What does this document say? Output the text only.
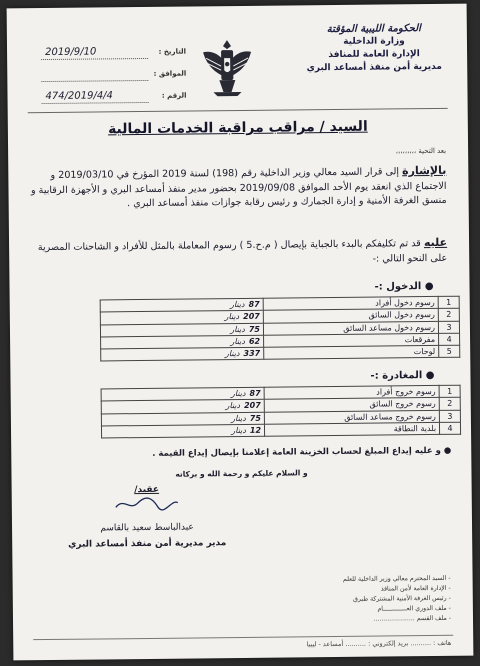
الحكومة الليبية المؤقتة
وزارة الداخلية
الإدارة العامة للمنافذ
مديرية أمن منفذ أمساعد البري
التاريخ :
2019/9/10
الموافق :
الرقم :
474/2019/4/4
السيد / مراقب مراقبة الخدمات المالية
بعد التحية ،،،،،،،،،
بالإشارة إلى قرار السيد معالي وزير الداخلية رقم (198) لسنة 2019 المؤرخ في 2019/03/10 و الاجتماع الذي انعقد يوم الأحد الموافق 2019/09/08 بحضور مدير منفذ أمساعد البري و الأجهزة الرقابية و منسق الغرفة الأمنية و إدارة الجمارك و رئيس رقابة جوازات منفذ أمساعد البري .
عليه قد تم تكليفكم بالبدء بالجباية بإيصال ( م.ح.5 ) رسوم المعاملة بالمثل للأفراد و الشاحنات المصرية على النحو التالي :-
● الدخول :-
1	رسوم دخول أفراد	87دينار
2	رسوم دخول السائق	207دينار
3	رسوم دخول مساعد السائق	75دينار
4	مفرقعات	62دينار
5	لوحات	337دينار
● المغادرة :-
1	رسوم خروج أفراد	87دينار
2	رسوم خروج السائق	207دينار
3	رسوم خروج مساعد السائق	75دينار
4	بلدية النطاقة	12دينار
● و عليه إيداع المبلغ لحساب الخزينة العامة إعلامنا بإيصال إيداع القيمة .
و السلام عليكم و رحمة الله و بركاته
عقيد/
عبدالباسط سعيد بالقاسم
مدير مديرية أمن منفذ أمساعد البري
- السيد المحترم معالي وزير الداخلية للعلم
- الإدارة العامة لأمن المنافذ
- رئيس الغرفة الأمنية المشتركة طبرق
- ملف الدوري العـــــــــــــام
- ملف القسم .....................
هاتف : .......... بريد إلكتروني : .......... أمساعد - ليبيا
